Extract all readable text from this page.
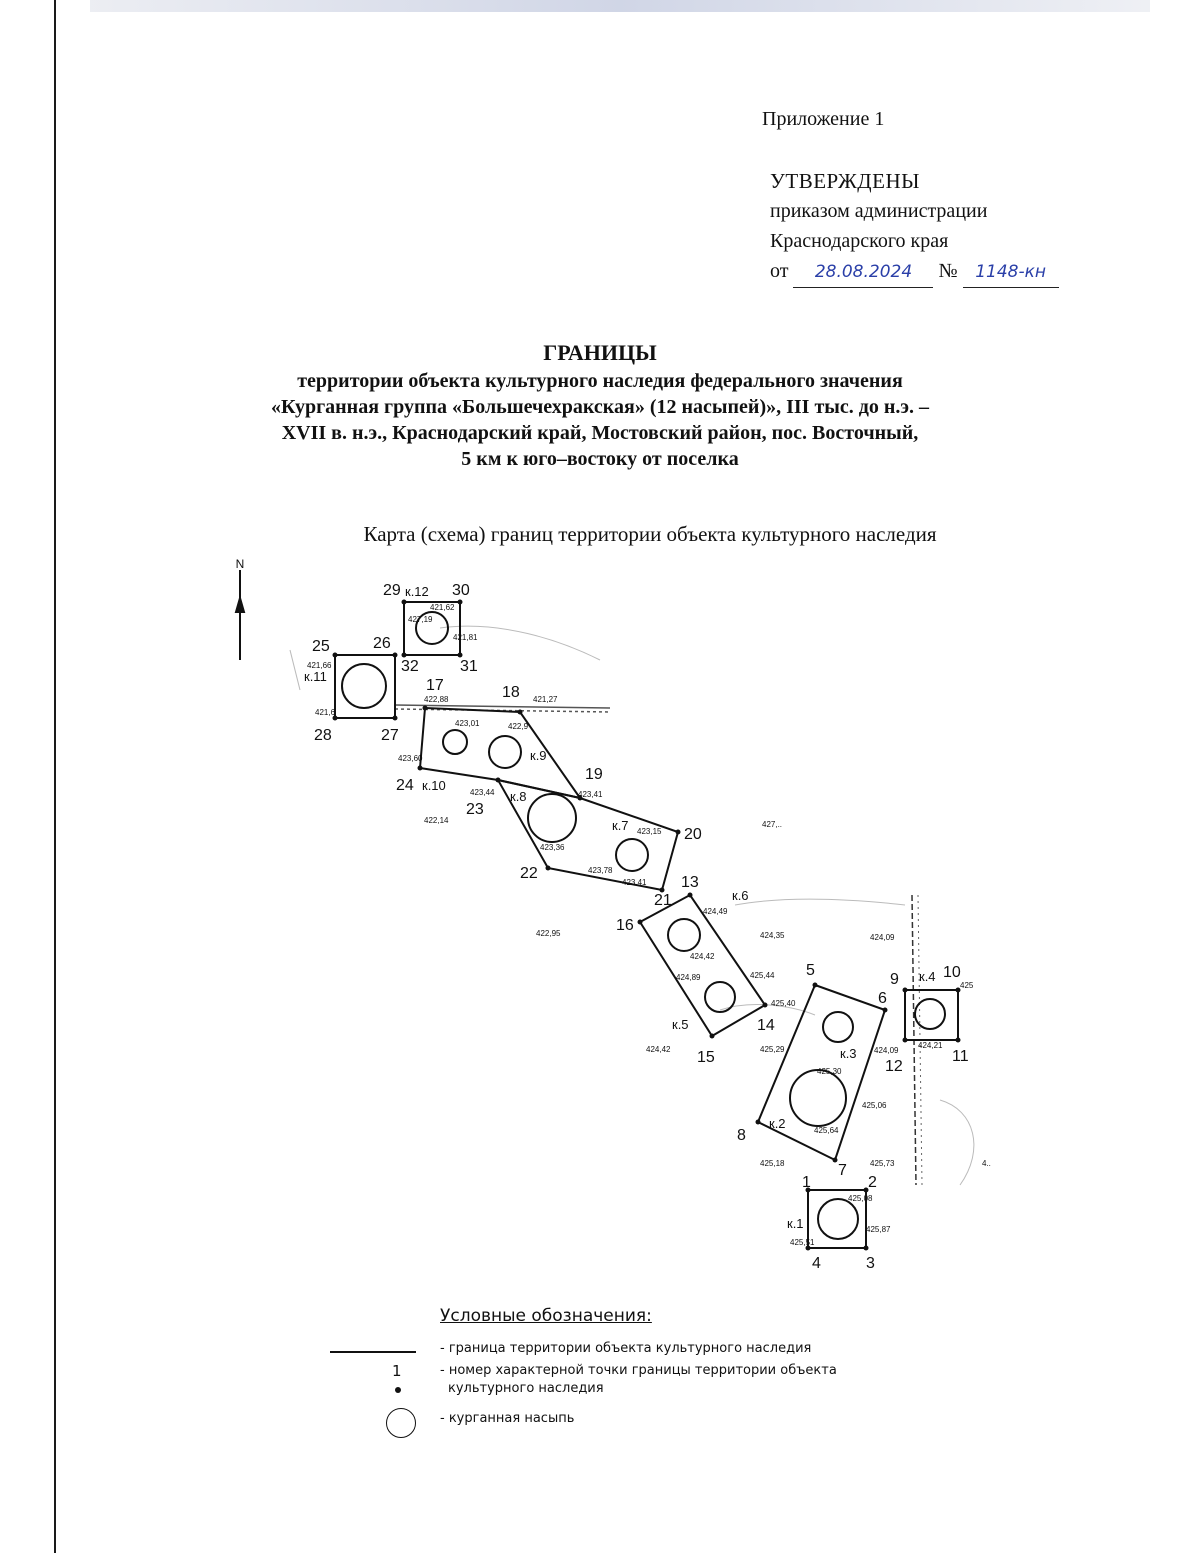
Приложение 1
УТВЕРЖДЕНЫ
приказом администрации
Краснодарского края
от 28.08.2024 № 1148-кн
ГРАНИЦЫ
территории объекта культурного наследия федерального значения
«Курганная группа «Большечехракская» (12 насыпей)», III тыс. до н.э. –
XVII в. н.э., Краснодарский край, Мостовский район, пос. Восточный,
5 км к юго–востоку от поселка
Карта (схема) границ территории объекта культурного наследия
N
1	2
3
4
5
6
7
8
9	10
11
12
13
14
15
16
17	18
19
20
21
22
23
24
25	26
27
28
29	30
31
32
к.1
к.2
к.3
к.4
к.5
к.6
к.7
к.8
к.9
к.10
к.11
к.12
427,19
421,62
421,81
422,88	421,27
423,01	422,9
423,60
423,44	423,41
423,15
423,36
423,78
423,41
424,49
424,42
424,89	425,44
424,35	424,09
425,40
425,29
425,30
425,06
425,64
425,18	425,73
424,09
425,87
425,51
424,42
422,95
422,14
425
424,21
425,08
421,66
421,6
427,..
4..
Условные обозначения:
- граница территории объекта культурного наследия
1	- номер характерной точки границы территории объекта
культурного наследия
- курганная насыпь
